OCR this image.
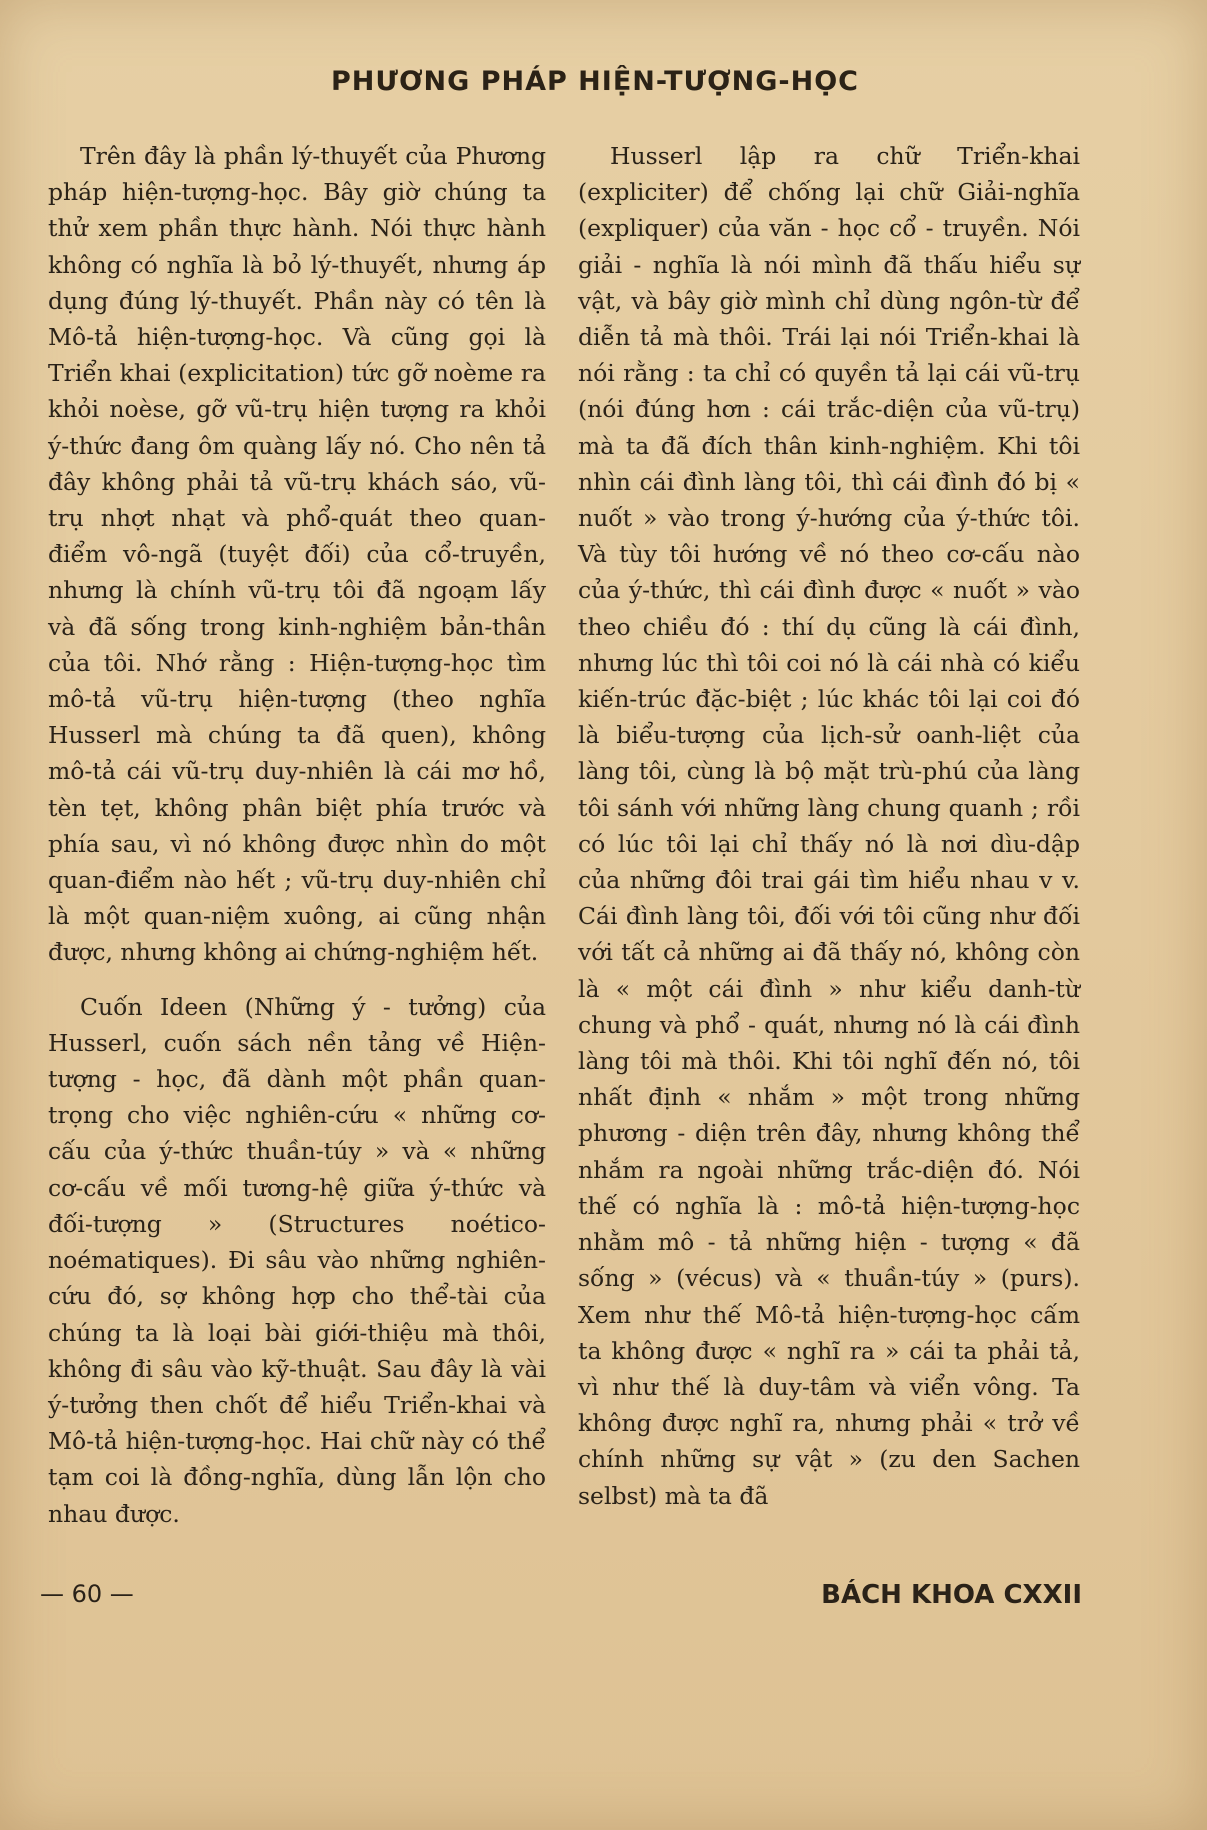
PHƯƠNG PHÁP HIỆN-TƯỢNG-HỌC

Trên đây là phần lý-thuyết của Phương pháp hiện-tượng-học. Bây giờ chúng ta thử xem phần thực hành. Nói thực hành không có nghĩa là bỏ lý-thuyết, nhưng áp dụng đúng lý-thuyết. Phần này có tên là Mô-tả hiện-tượng-học. Và cũng gọi là Triển khai (explicitation) tức gỡ noème ra khỏi noèse, gỡ vũ-trụ hiện tượng ra khỏi ý-thức đang ôm quàng lấy nó. Cho nên tả đây không phải tả vũ-trụ khách sáo, vũ-trụ nhợt nhạt và phổ-quát theo quan-điểm vô-ngã (tuyệt đối) của cổ-truyền, nhưng là chính vũ-trụ tôi đã ngoạm lấy và đã sống trong kinh-nghiệm bản-thân của tôi. Nhớ rằng : Hiện-tượng-học tìm mô-tả vũ-trụ hiện-tượng (theo nghĩa Husserl mà chúng ta đã quen), không mô-tả cái vũ-trụ duy-nhiên là cái mơ hồ, tèn tẹt, không phân biệt phía trước và phía sau, vì nó không được nhìn do một quan-điểm nào hết ; vũ-trụ duy-nhiên chỉ là một quan-niệm xuông, ai cũng nhận được, nhưng không ai chứng-nghiệm hết.

Cuốn Ideen (Những ý - tưởng) của Husserl, cuốn sách nền tảng về Hiện-tượng - học, đã dành một phần quan-trọng cho việc nghiên-cứu « những cơ-cấu của ý-thức thuần-túy » và « những cơ-cấu về mối tương-hệ giữa ý-thức và đối-tượng » (Structures noético-noématiques). Đi sâu vào những nghiên-cứu đó, sợ không hợp cho thể-tài của chúng ta là loại bài giới-thiệu mà thôi, không đi sâu vào kỹ-thuật. Sau đây là vài ý-tưởng then chốt để hiểu Triển-khai và Mô-tả hiện-tượng-học. Hai chữ này có thể tạm coi là đồng-nghĩa, dùng lẫn lộn cho nhau được.

Husserl lập ra chữ Triển-khai (expliciter) để chống lại chữ Giải-nghĩa (expliquer) của văn - học cổ - truyền. Nói giải - nghĩa là nói mình đã thấu hiểu sự vật, và bây giờ mình chỉ dùng ngôn-từ để diễn tả mà thôi. Trái lại nói Triển-khai là nói rằng : ta chỉ có quyền tả lại cái vũ-trụ (nói đúng hơn : cái trắc-diện của vũ-trụ) mà ta đã đích thân kinh-nghiệm. Khi tôi nhìn cái đình làng tôi, thì cái đình đó bị « nuốt » vào trong ý-hướng của ý-thức tôi. Và tùy tôi hướng về nó theo cơ-cấu nào của ý-thức, thì cái đình được « nuốt » vào theo chiều đó : thí dụ cũng là cái đình, nhưng lúc thì tôi coi nó là cái nhà có kiểu kiến-trúc đặc-biệt ; lúc khác tôi lại coi đó là biểu-tượng của lịch-sử oanh-liệt của làng tôi, cùng là bộ mặt trù-phú của làng tôi sánh với những làng chung quanh ; rồi có lúc tôi lại chỉ thấy nó là nơi dìu-dập của những đôi trai gái tìm hiểu nhau v v. Cái đình làng tôi, đối với tôi cũng như đối với tất cả những ai đã thấy nó, không còn là « một cái đình » như kiểu danh-từ chung và phổ - quát, nhưng nó là cái đình làng tôi mà thôi. Khi tôi nghĩ đến nó, tôi nhất định « nhắm » một trong những phương - diện trên đây, nhưng không thể nhắm ra ngoài những trắc-diện đó. Nói thế có nghĩa là : mô-tả hiện-tượng-học nhằm mô - tả những hiện - tượng « đã sống » (vécus) và « thuần-túy » (purs). Xem như thế Mô-tả hiện-tượng-học cấm ta không được « nghĩ ra » cái ta phải tả, vì như thế là duy-tâm và viển vông. Ta không được nghĩ ra, nhưng phải « trở về chính những sự vật » (zu den Sachen selbst) mà ta đã

— 60 —	BÁCH KHOA CXXII
